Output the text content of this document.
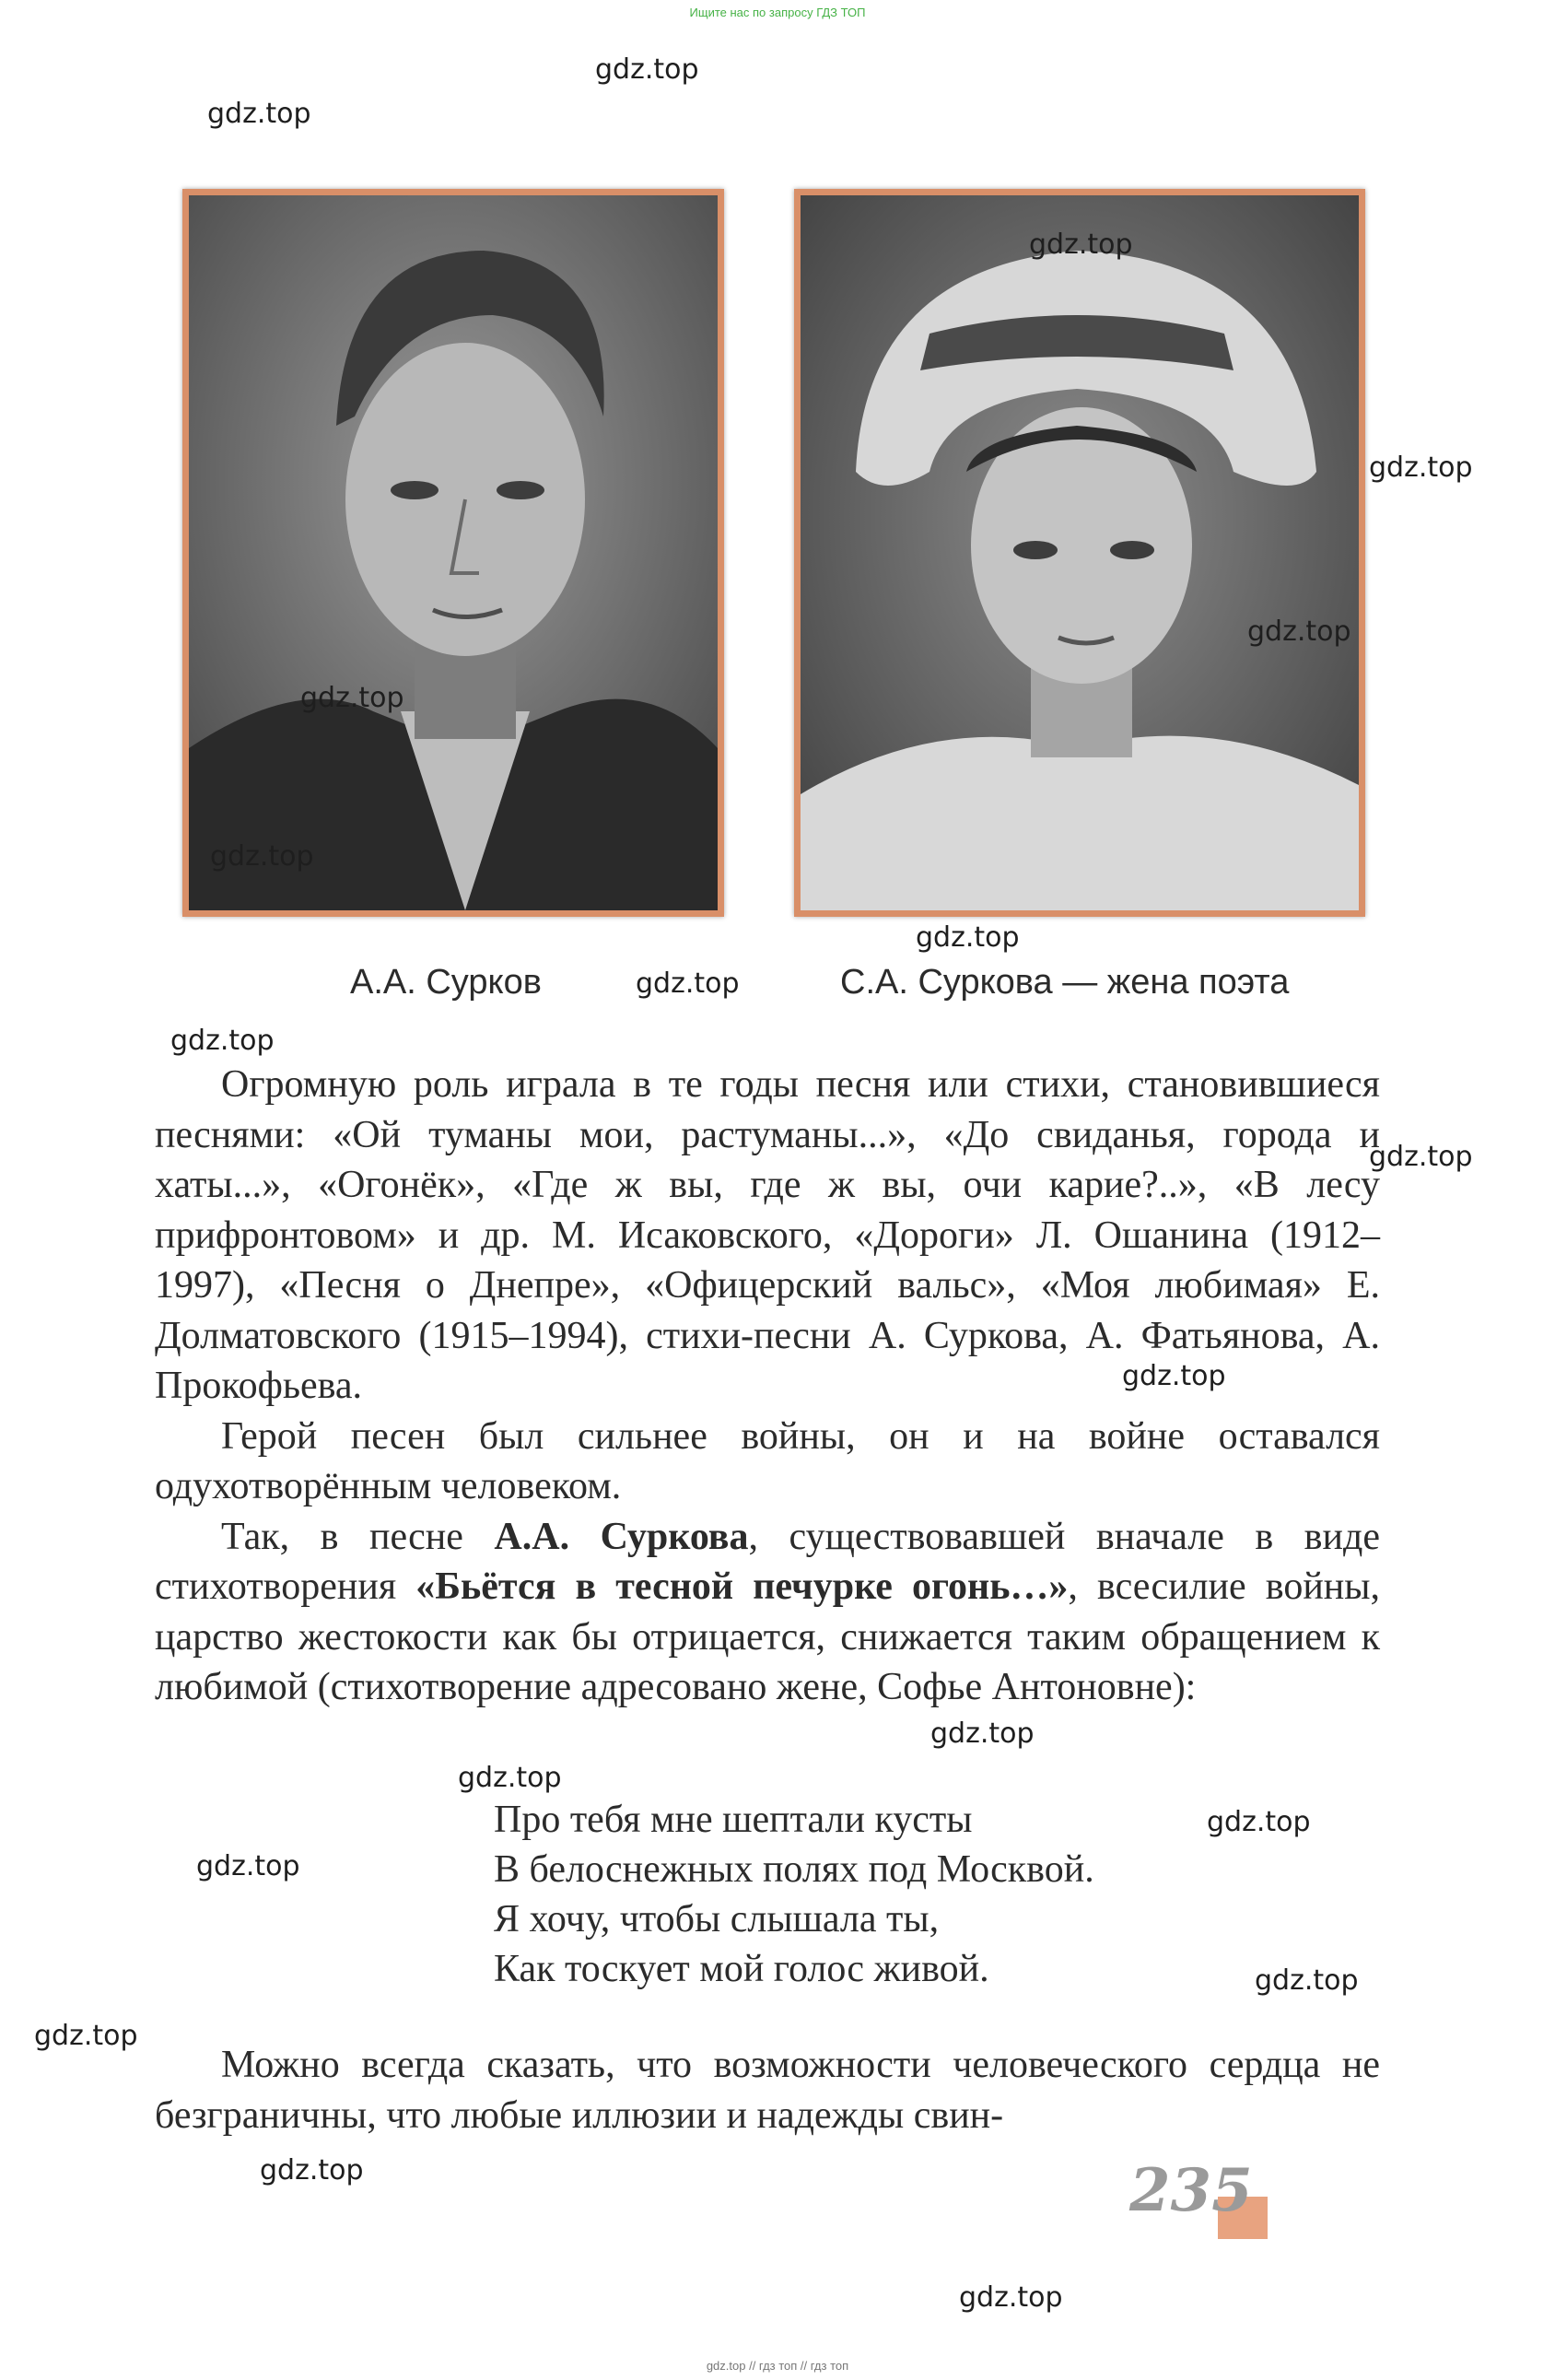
Ищите нас по запросу ГДЗ ТОП
А.А. Сурков	С.А. Суркова — жена поэта

Огромную роль играла в те годы песня или стихи, становившиеся песнями: «Ой туманы мои, растуманы...», «До свиданья, города и хаты...», «Огонёк», «Где ж вы, где ж вы, очи карие?..», «В лесу прифронтовом» и др. М. Исаковского, «Дороги» Л. Ошанина (1912–1997), «Песня о Днепре», «Офицерский вальс», «Моя любимая» Е. Долматовского (1915–1994), стихи-песни А. Суркова, А. Фатьянова, А. Прокофьева.

Герой песен был сильнее войны, он и на войне оставался одухотворённым человеком.

Так, в песне А.А. Суркова, существовавшей вначале в виде стихотворения «Бьётся в тесной печурке огонь…», всесилие войны, царство жестокости как бы отрицается, снижается таким обращением к любимой (стихотворение адресовано жене, Софье Антоновне):

Про тебя мне шептали кусты
В белоснежных полях под Москвой.
Я хочу, чтобы слышала ты,
Как тоскует мой голос живой.

Можно всегда сказать, что возможности человеческого сердца не безграничны, что любые иллюзии и надежды свин-

235
gdz.top
gdz.top
gdz.top
gdz.top
gdz.top
gdz.top
gdz.top
gdz.top
gdz.top
gdz.top
gdz.top
gdz.top
gdz.top
gdz.top
gdz.top
gdz.top
gdz.top
gdz.top
gdz.top
gdz.top
gdz.top // гдз топ // гдз топ
